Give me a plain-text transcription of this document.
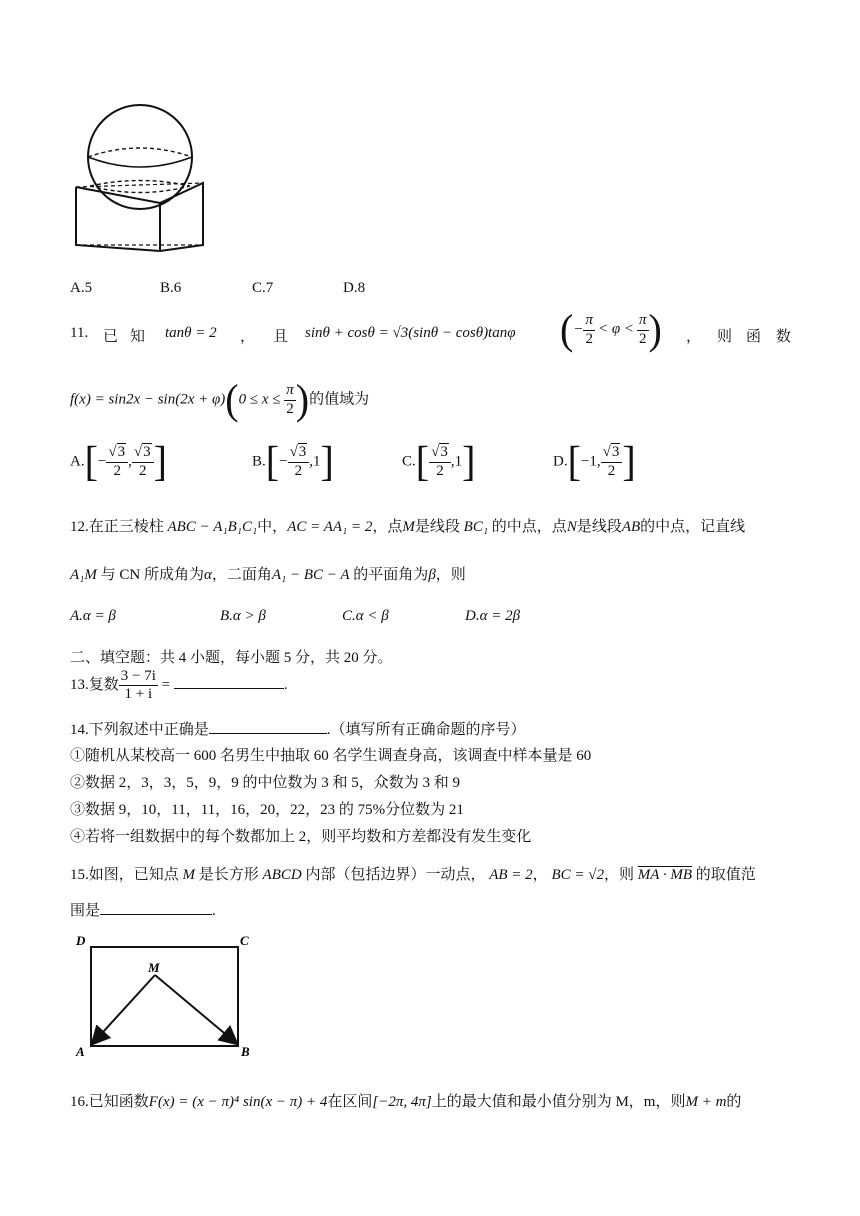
A.5	B.6	C.7	D.8
11. 已 知 tanθ = 2 ， 且 sinθ + cosθ = √3(sinθ − cosθ)tanφ (− $\frac{\pi}{2} < \varphi < \frac{\pi}{2}$ ) ， 则 函 数
$f(x) = \sin 2x - \sin(2x + \varphi)(0 \le x \le \frac{\pi}{2}$ )的值域为
$A.[- \frac{√3}{2}$ , $\frac{√3}{2}$ ]	$B.[- \frac{√3}{2} ,1]$	$C.[ \frac{√3}{2} ,1]$	D.[−1, $\frac{√3}{2}$ ]
12.在正三棱柱 ABC − A₁B₁C₁中，AC = AA₁ = 2，点M是线段 BC₁ 的中点，点N是线段AB的中点，记直线
A₁M 与 CN 所成角为α，二面角A₁ − BC − A 的平面角为β，则
A.α = β	B.α > β	C.α < β	D.α = 2β
二、填空题：共 4 小题，每小题 5 分，共 20 分。
13.复数 $\frac{3 - 7i}{1 + i}$ =	.
14.下列叙述中正确是	.（填写所有正确命题的序号）
①随机从某校高一 600 名男生中抽取 60 名学生调查身高，该调查中样本量是 60
②数据 2，3，3，5，9，9 的中位数为 3 和 5，众数为 3 和 9
③数据 9，10，11，11，16，20，22，23 的 75%分位数为 21
④若将一组数据中的每个数都加上 2，则平均数和方差都没有发生变化
15.如图，已知点 M 是长方形 ABCD 内部（包括边界）一动点， AB = 2， BC = √2，则 MA · MB 的取值范
围是	.
D	C
M
A	B
16.已知函数F(x) = (x − π)⁴ sin(x − π) + 4在区间[−2π, 4π]上的最大值和最小值分别为 M，m，则M + m的
